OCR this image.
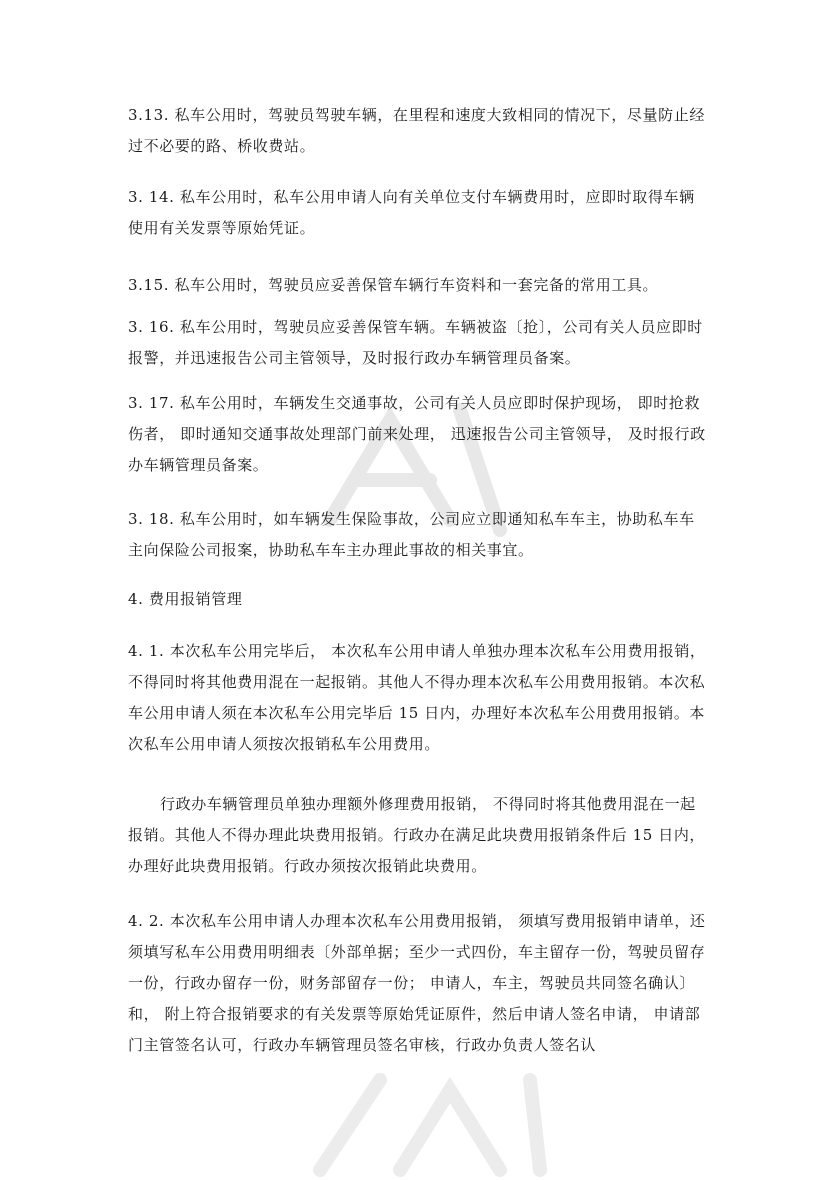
3.13. 私车公用时，驾驶员驾驶车辆，在里程和速度大致相同的情况下，尽量防止经过不必要的路、桥收费站。

3. 14. 私车公用时，私车公用申请人向有关单位支付车辆费用时，应即时取得车辆使用有关发票等原始凭证。

3.15. 私车公用时，驾驶员应妥善保管车辆行车资料和一套完备的常用工具。

3. 16. 私车公用时，驾驶员应妥善保管车辆。车辆被盗〔抢〕，公司有关人员应即时报警，并迅速报告公司主管领导，及时报行政办车辆管理员备案。

3. 17. 私车公用时，车辆发生交通事故，公司有关人员应即时保护现场， 即时抢救伤者， 即时通知交通事故处理部门前来处理， 迅速报告公司主管领导， 及时报行政办车辆管理员备案。

3. 18. 私车公用时，如车辆发生保险事故，公司应立即通知私车车主，协助私车车主向保险公司报案，协助私车车主办理此事故的相关事宜。

4. 费用报销管理

4. 1. 本次私车公用完毕后， 本次私车公用申请人单独办理本次私车公用费用报销，不得同时将其他费用混在一起报销。其他人不得办理本次私车公用费用报销。本次私车公用申请人须在本次私车公用完毕后 15 日内，办理好本次私车公用费用报销。本次私车公用申请人须按次报销私车公用费用。

行政办车辆管理员单独办理额外修理费用报销， 不得同时将其他费用混在一起报销。其他人不得办理此块费用报销。行政办在满足此块费用报销条件后 15 日内，办理好此块费用报销。行政办须按次报销此块费用。

4. 2. 本次私车公用申请人办理本次私车公用费用报销， 须填写费用报销申请单，还须填写私车公用费用明细表〔外部单据；至少一式四份，车主留存一份，驾驶员留存一份，行政办留存一份，财务部留存一份； 申请人，车主，驾驶员共同签名确认〕和， 附上符合报销要求的有关发票等原始凭证原件，然后申请人签名申请， 申请部门主管签名认可，行政办车辆管理员签名审核，行政办负责人签名认
